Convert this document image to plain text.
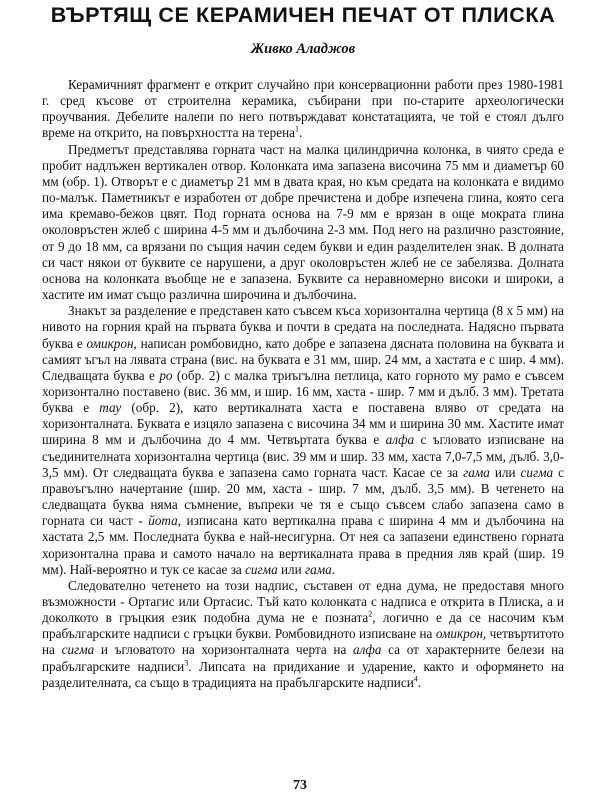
ВЪРТЯЩ СЕ КЕРАМИЧЕН ПЕЧАТ ОТ ПЛИСКА
Живко Аладжов

Керамичният фрагмент е открит случайно при консервационни работи през 1980-1981 г. сред късове от строителна керамика, събирани при по-старите археологически проучвания. Дебелите налепи по него потвърждават констатацията, че той е стоял дълго време на открито, на повърхността на терена$^1$.

Предметът представлява горната част на малка цилиндрична колонка, в чиято среда е пробит надлъжен вертикален отвор. Колонката има запазена височина 75 мм и диаметър 60 мм (обр. 1). Отворът е с диаметър 21 мм в двата края, но към средата на колонката е видимо по-малък. Паметникът е изработен от добре пречистена и добре изпечена глина, която сега има кремаво-бежов цвят. Под горната основа на 7-9 мм е врязан в още мократа глина околовръстен жлеб с ширина 4-5 мм и дълбочина 2-3 мм. Под него на различно разстояние, от 9 до 18 мм, са врязани по същия начин седем букви и един разделителен знак. В долната си част някои от буквите се нарушени, а друг околовръстен жлеб не се забелязва. Долната основа на колонката въобще не е запазена. Буквите са неравномерно високи и широки, а хастите им имат също различна широчина и дълбочина.

Знакът за разделение е представен като съвсем къса хоризонтална чертица (8 х 5 мм) на нивото на горния край на първата буква и почти в средата на последната. Надясно първата буква е омикрон, написан ромбовидно, като добре е запазена дясната половина на буквата и самият ъгъл на лявата страна (вис. на буквата е 31 мм, шир. 24 мм, а хастата е с шир. 4 мм). Следващата буква е ро (обр. 2) с малка триъгълна петлица, като горното му рамо е съвсем хоризонтално поставено (вис. 36 мм, и шир. 16 мм, хаста - шир. 7 мм и дълб. 3 мм). Третата буква е тау (обр. 2), като вертикалната хаста е поставена вляво от средата на хоризонталната. Буквата е изцяло запазена с височина 34 мм и ширина 30 мм. Хастите имат ширина 8 мм и дълбочина до 4 мм. Четвъртата буква е алфа с ъгловато изписване на съединителната хоризонтална чертица (вис. 39 мм и шир. 33 мм, хаста 7,0-7,5 мм, дълб. 3,0-3,5 мм). От следващата буква е запазена само горната част. Касае се за гама или сигма с правоъгълно начертание (шир. 20 мм, хаста - шир. 7 мм, дълб. 3,5 мм). В четенето на следващата буква няма съмнение, въпреки че тя е също съвсем слабо запазена само в горната си част - йота, изписана като вертикална права с ширина 4 мм и дълбочина на хастата 2,5 мм. Последната буква е най-несигурна. От нея са запазени единствено горната хоризонтална права и самото начало на вертикалната права в предния ляв край (шир. 19 мм). Най-вероятно и тук се касае за сигма или гама.

Следователно четенето на този надпис, съставен от една дума, не предоставя много възможности - Ортагис или Ортасис. Тъй като колонката с надписа е открита в Плиска, а и доколкото в гръцкия език подобна дума не е позната$^2$, логично е да се насочим към прабългарските надписи с гръцки букви. Ромбовидното изписване на омикрон, четвъртитото на сигма и ъгловатото на хоризонталната черта на алфа са от характерните белези на прабългарските надписи$^3$. Липсата на придихание и ударение, както и оформянето на разделителната, са също в традицията на прабългарските надписи$^4$.

73
